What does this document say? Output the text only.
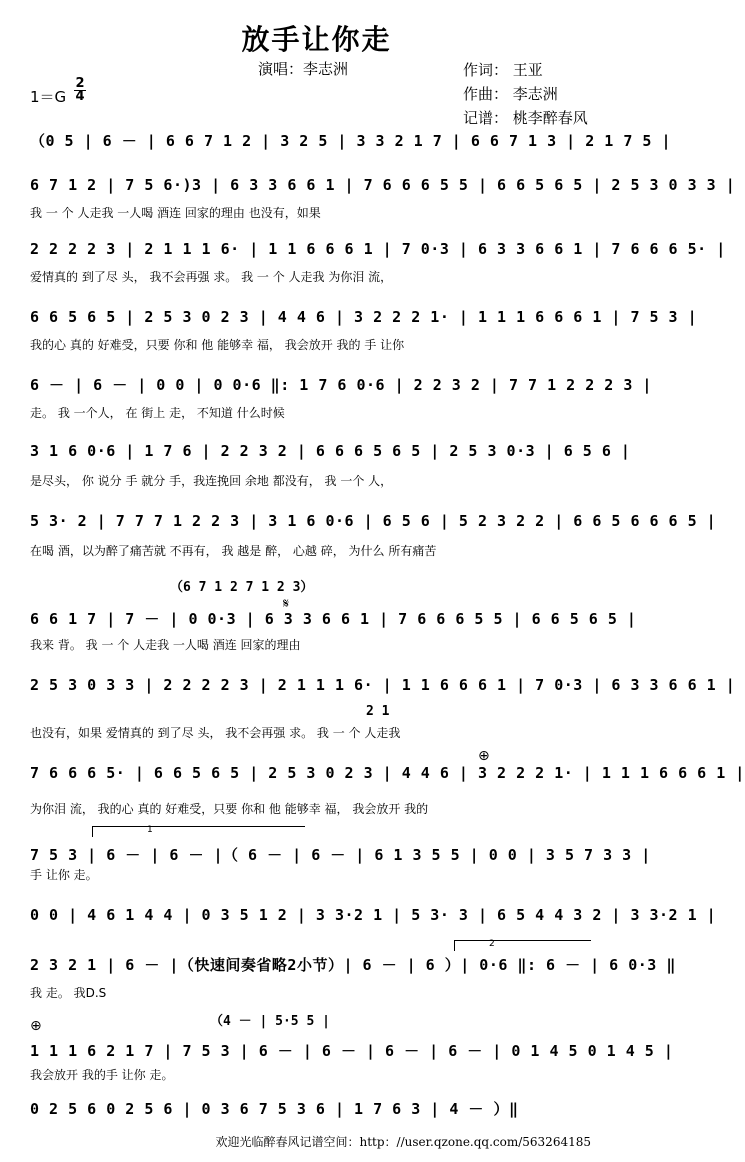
放手让你走
演唱：李志洲
1＝G
2
4
作词： 王亚
作曲： 李志洲
记谱： 桃李醉春风
（0 5 | 6 － | 6 6 7 1 2 | 3 2 5 | 3 3 2 1 7 | 6 6 7 1 3 | 2 1 7 5 |
6 7 1 2 | 7 5 6·)3 | 6 3 3 6 6 1 | 7 6 6 6 5 5 | 6 6 5 6 5 | 2 5 3 0 3 3 |
我 一 个 人走我 一人喝 酒连 回家的理由 也没有，如果
2 2 2 2 3 | 2 1 1 1 6· | 1 1 6 6 6 1 | 7 0·3 | 6 3 3 6 6 1 | 7 6 6 6 5· |
爱情真的 到了尽 头， 我不会再强 求。 我 一 个 人走我 为你泪 流，
6 6 5 6 5 | 2 5 3 0 2 3 | 4 4 6 | 3 2 2 2 1· | 1 1 1 6 6 6 1 | 7 5 3 |
我的心 真的 好难受，只要 你和 他 能够幸 福， 我会放开 我的 手 让你
6 － | 6 － | 0 0 | 0 0·6 ‖: 1 7 6 0·6 | 2 2 3 2 | 7 7 1 2 2 2 3 |
走。 我 一个人， 在 街上 走， 不知道 什么时候
3 1 6 0·6 | 1 7 6 | 2 2 3 2 | 6 6 6 5 6 5 | 2 5 3 0·3 | 6 5 6 |
是尽头， 你 说分 手 就分 手，我连挽回 余地 都没有， 我 一个 人，
5 3· 2 | 7 7 7 1 2 2 3 | 3 1 6 0·6 | 6 5 6 | 5 2 3 2 2 | 6 6 5 6 6 6 5 |
在喝 酒，以为醉了痛苦就 不再有， 我 越是 醉， 心越 碎， 为什么 所有痛苦
（6 7 1 2 7 1 2 3）
𝄋
6 6 1 7 | 7 － | 0 0·3 | 6 3 3 6 6 1 | 7 6 6 6 5 5 | 6 6 5 6 5 |
我来 背。 我 一 个 人走我 一人喝 酒连 回家的理由
2 5 3 0 3 3 | 2 2 2 2 3 | 2 1 1 1 6· | 1 1 6 6 6 1 | 7 0·3 | 6 3 3 6 6 1 |
2 1
也没有，如果 爱情真的 到了尽 头， 我不会再强 求。 我 一 个 人走我
⊕
7 6 6 6 5· | 6 6 5 6 5 | 2 5 3 0 2 3 | 4 4 6 | 3 2 2 2 1· | 1 1 1 6 6 6 1 |
为你泪 流， 我的心 真的 好难受，只要 你和 他 能够幸 福， 我会放开 我的
1
7 5 3 | 6 － | 6 － |（ 6 － | 6 － | 6 1 3 5 5 | 0 0 | 3 5 7 3 3 |
手 让你 走。
0 0 | 4 6 1 4 4 | 0 3 5 1 2 | 3 3·2 1 | 5 3· 3 | 6 5 4 4 3 2 | 3 3·2 1 |
2
2 3 2 1 | 6 － |（快速间奏省略2小节）| 6 － | 6 ）| 0·6 ‖: 6 － | 6 0·3 ‖
我 走。 我D.S
⊕	（4 － | 5·5 5 |
1 1 1 6 2 1 7 | 7 5 3 | 6 － | 6 － | 6 － | 6 － | 0 1 4 5 0 1 4 5 |
我会放开 我的手 让你 走。
0 2 5 6 0 2 5 6 | 0 3 6 7 5 3 6 | 1 7 6 3 | 4 － ）‖
欢迎光临醉春风记谱空间：http：//user.qzone.qq.com/563264185
